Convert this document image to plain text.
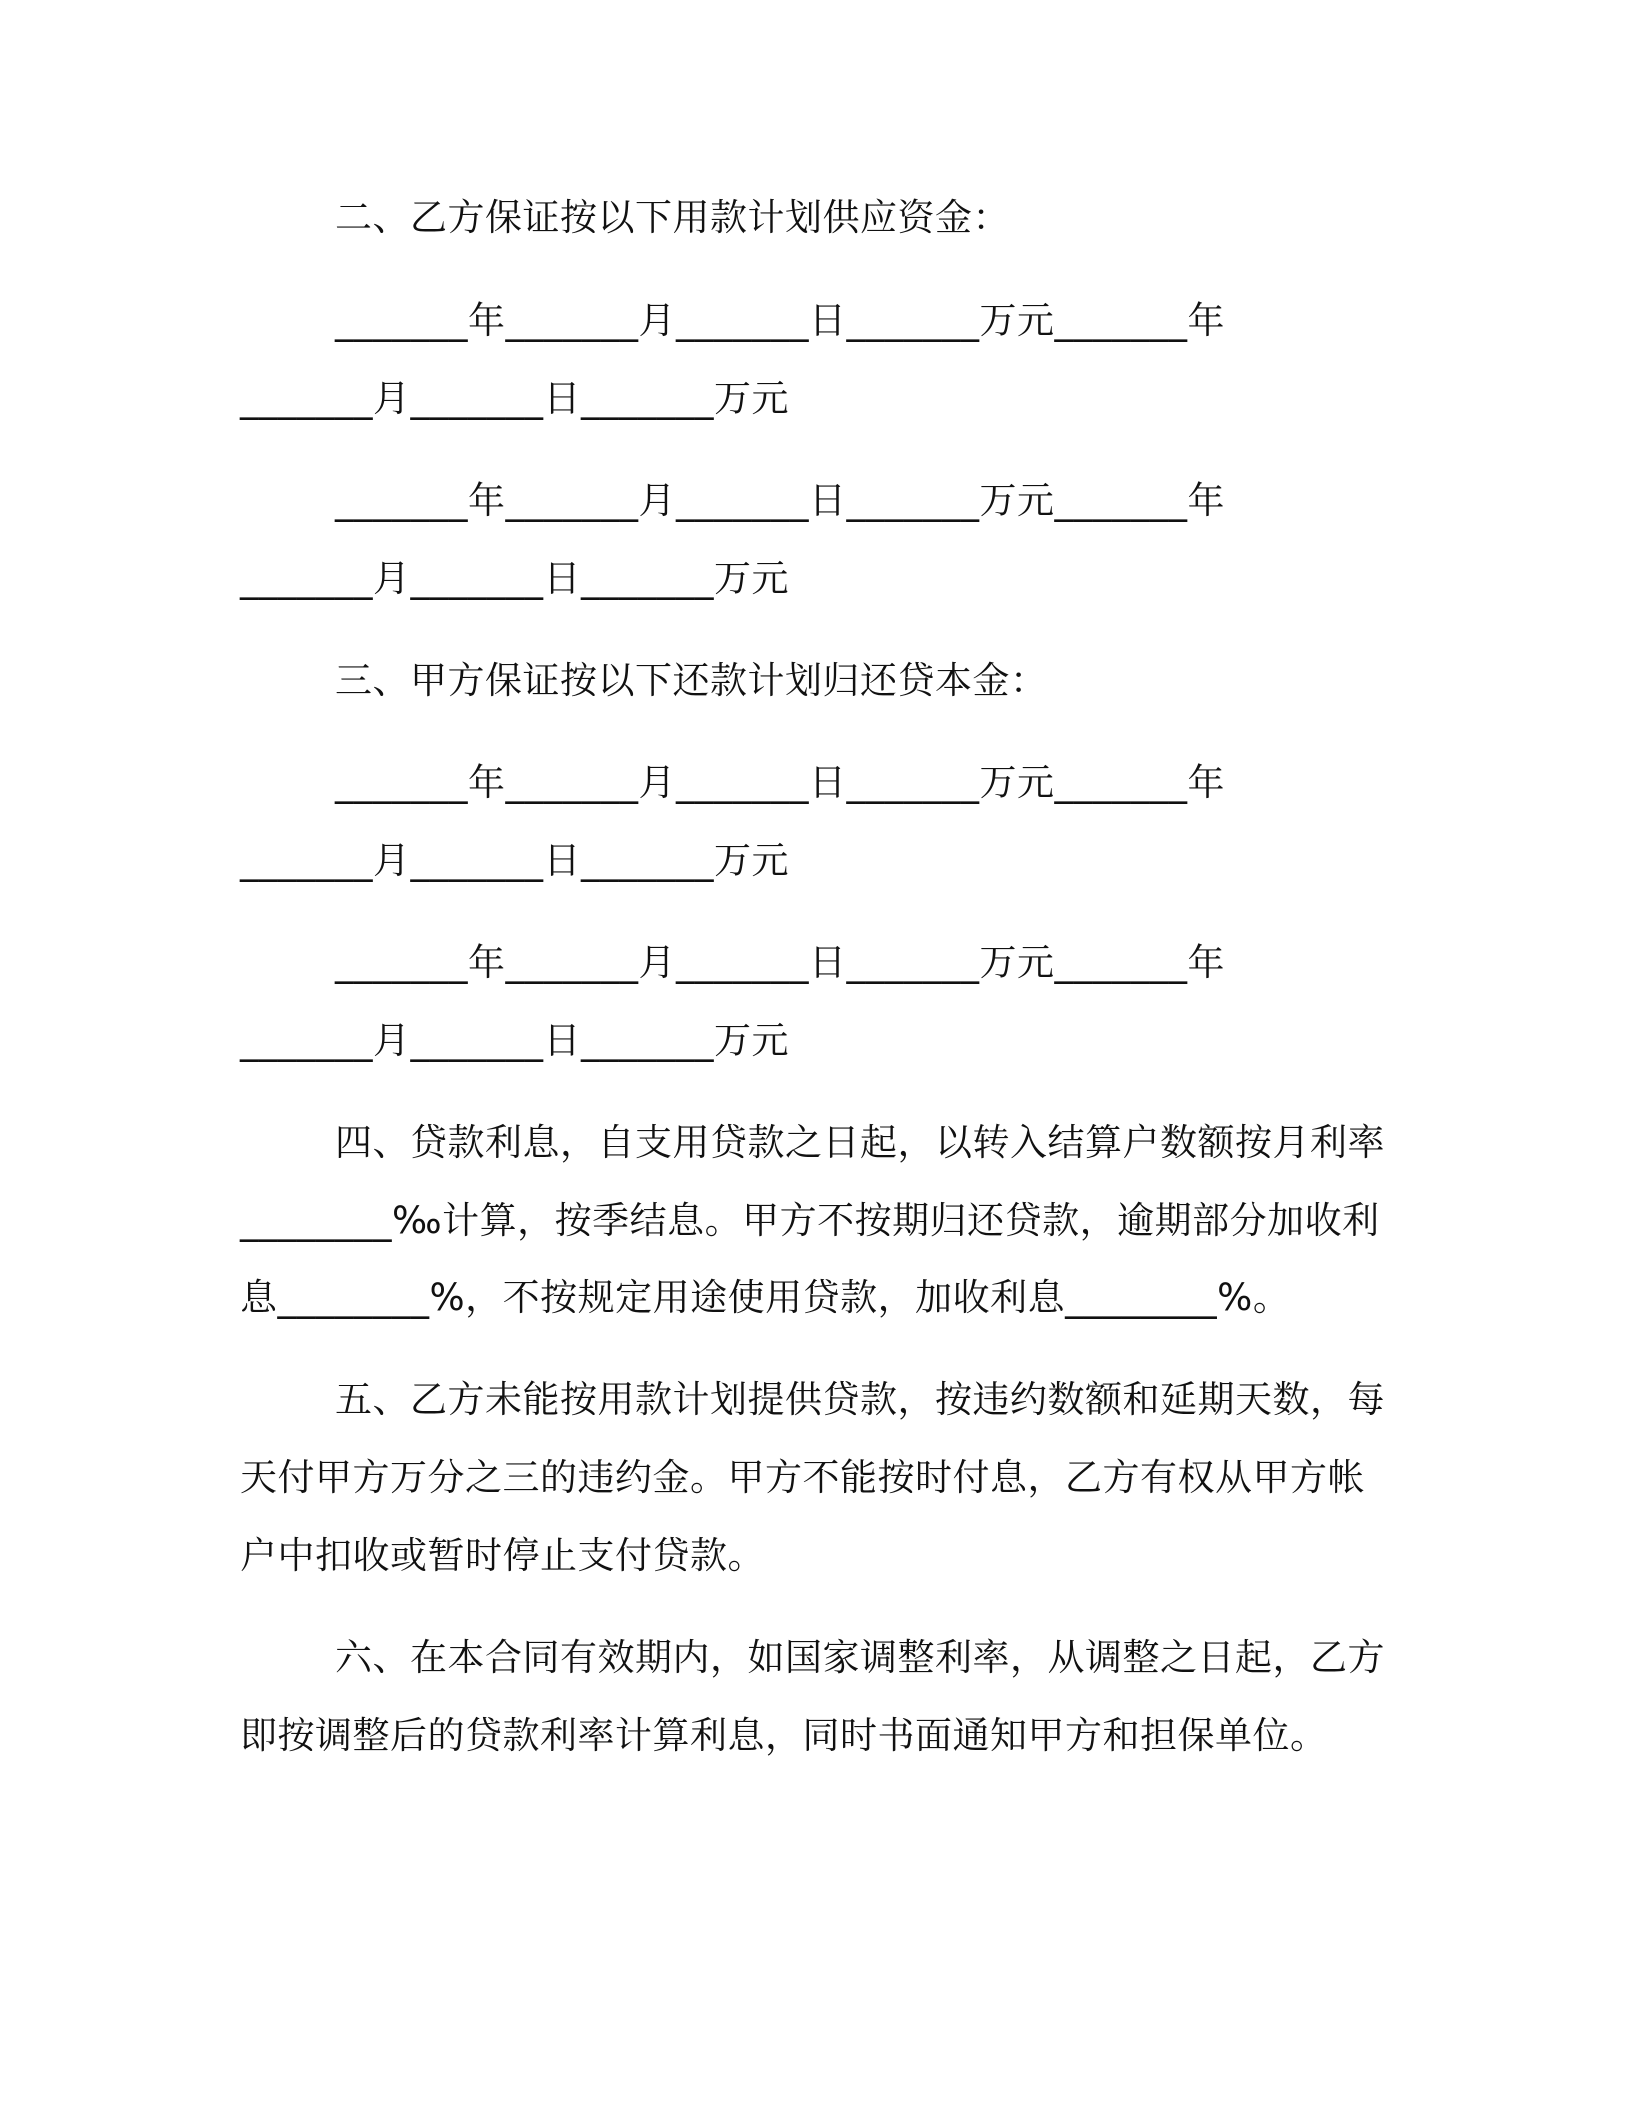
二、乙方保证按以下用款计划供应资金：
_______年_______月_______日_______万元_______年
_______月_______日_______万元
_______年_______月_______日_______万元_______年
_______月_______日_______万元
三、甲方保证按以下还款计划归还贷本金：
_______年_______月_______日_______万元_______年
_______月_______日_______万元
_______年_______月_______日_______万元_______年
_______月_______日_______万元
四、贷款利息，自支用贷款之日起，以转入结算户数额按月利率
________‰计算，按季结息。甲方不按期归还贷款，逾期部分加收利
息________%，不按规定用途使用贷款，加收利息________%。
五、乙方未能按用款计划提供贷款，按违约数额和延期天数，每
天付甲方万分之三的违约金。甲方不能按时付息，乙方有权从甲方帐
户中扣收或暂时停止支付贷款。
六、在本合同有效期内，如国家调整利率，从调整之日起，乙方
即按调整后的贷款利率计算利息，同时书面通知甲方和担保单位。
